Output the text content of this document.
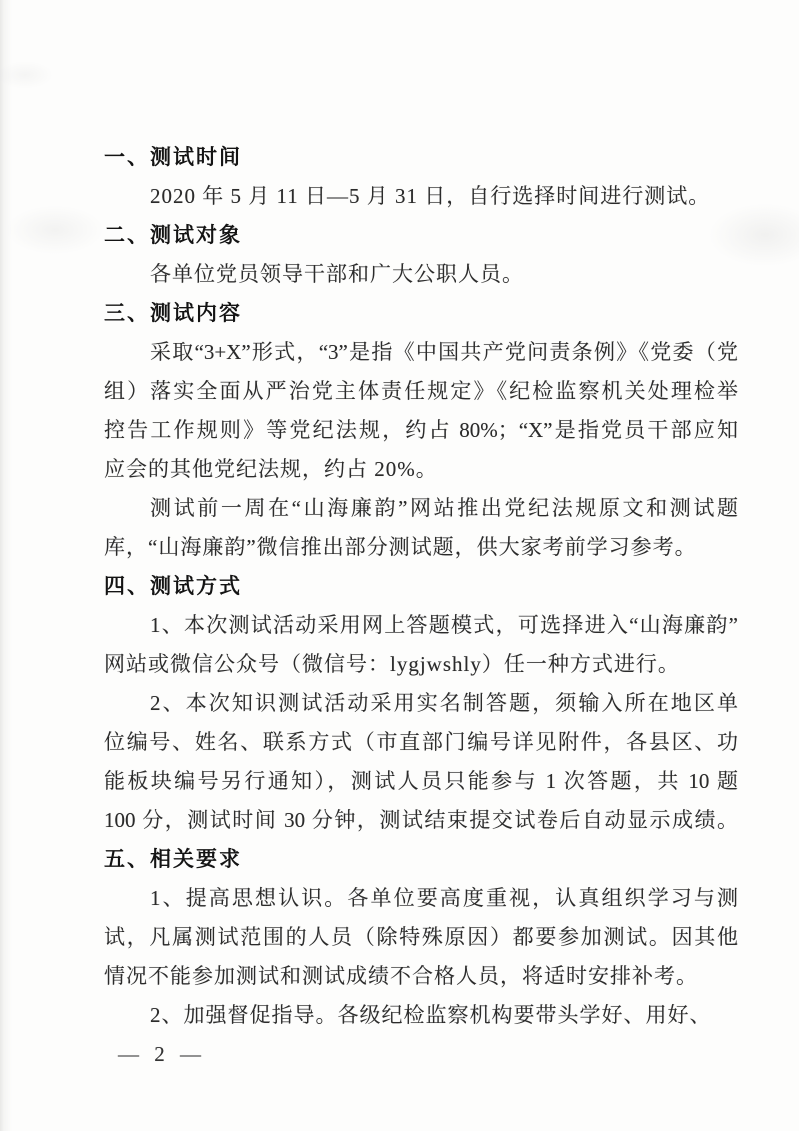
一、测试时间
2020 年 5 月 11 日—5 月 31 日，自行选择时间进行测试。
二、测试对象
各单位党员领导干部和广大公职人员。
三、测试内容
采取“3+X”形式，“3”是指《中国共产党问责条例》《党委（党
组）落实全面从严治党主体责任规定》《纪检监察机关处理检举
控告工作规则》等党纪法规，约占 80%；“X”是指党员干部应知
应会的其他党纪法规，约占 20%。
测试前一周在“山海廉韵”网站推出党纪法规原文和测试题
库，“山海廉韵”微信推出部分测试题，供大家考前学习参考。
四、测试方式
1、本次测试活动采用网上答题模式，可选择进入“山海廉韵”
网站或微信公众号（微信号：lygjwshly）任一种方式进行。
2、本次知识测试活动采用实名制答题，须输入所在地区单
位编号、姓名、联系方式（市直部门编号详见附件，各县区、功
能板块编号另行通知），测试人员只能参与 1 次答题，共 10 题
100 分，测试时间 30 分钟，测试结束提交试卷后自动显示成绩。
五、相关要求
1、提高思想认识。各单位要高度重视，认真组织学习与测
试，凡属测试范围的人员（除特殊原因）都要参加测试。因其他
情况不能参加测试和测试成绩不合格人员，将适时安排补考。
2、加强督促指导。各级纪检监察机构要带头学好、用好、
— 2 —
